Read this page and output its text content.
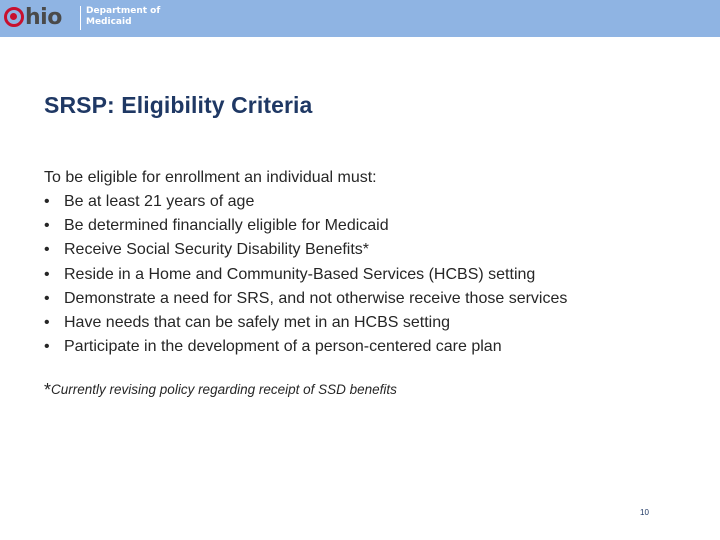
hio	Department of
Medicaid
SRSP: Eligibility Criteria

To be eligible for enrollment an individual must:

• Be at least 21 years of age
• Be determined financially eligible for Medicaid
• Receive Social Security Disability Benefits*
• Reside in a Home and Community-Based Services (HCBS) setting
• Demonstrate a need for SRS, and not otherwise receive those services
• Have needs that can be safely met in an HCBS setting
• Participate in the development of a person-centered care plan

*Currently revising policy regarding receipt of SSD benefits

10
